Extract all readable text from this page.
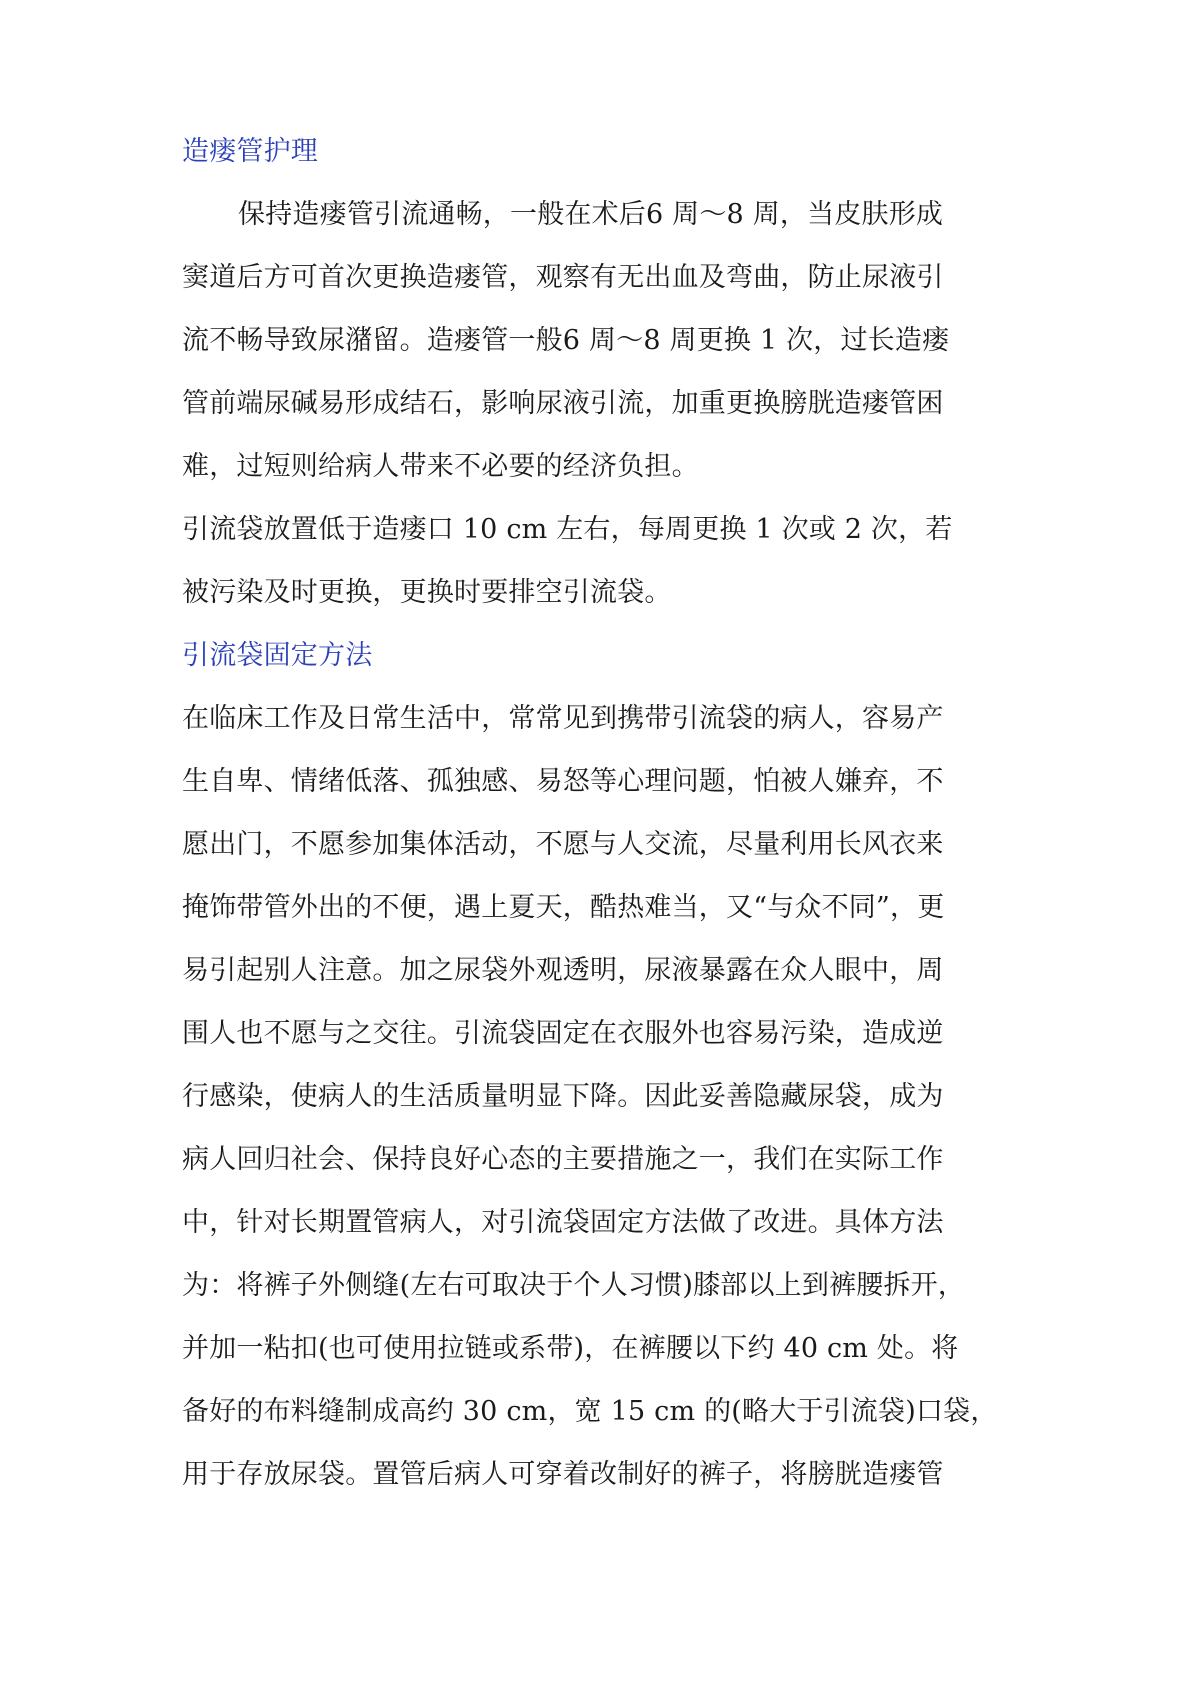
造瘘管护理
保持造瘘管引流通畅，一般在术后6 周～8 周，当皮肤形成
窦道后方可首次更换造瘘管，观察有无出血及弯曲，防止尿液引
流不畅导致尿潴留。造瘘管一般6 周～8 周更换 1 次，过长造瘘
管前端尿碱易形成结石，影响尿液引流，加重更换膀胱造瘘管困
难，过短则给病人带来不必要的经济负担。
引流袋放置低于造瘘口 10 cm 左右，每周更换 1 次或 2 次，若
被污染及时更换，更换时要排空引流袋。
引流袋固定方法
在临床工作及日常生活中，常常见到携带引流袋的病人，容易产
生自卑、情绪低落、孤独感、易怒等心理问题，怕被人嫌弃，不
愿出门，不愿参加集体活动，不愿与人交流，尽量利用长风衣来
掩饰带管外出的不便，遇上夏天，酷热难当，又“与众不同”，更
易引起别人注意。加之尿袋外观透明，尿液暴露在众人眼中，周
围人也不愿与之交往。引流袋固定在衣服外也容易污染，造成逆
行感染，使病人的生活质量明显下降。因此妥善隐藏尿袋，成为
病人回归社会、保持良好心态的主要措施之一，我们在实际工作
中，针对长期置管病人，对引流袋固定方法做了改进。具体方法
为：将裤子外侧缝(左右可取决于个人习惯)膝部以上到裤腰拆开，
并加一粘扣(也可使用拉链或系带)，在裤腰以下约 40 cm 处。将
备好的布料缝制成高约 30 cm，宽 15 cm 的(略大于引流袋)口袋，
用于存放尿袋。置管后病人可穿着改制好的裤子，将膀胱造瘘管
